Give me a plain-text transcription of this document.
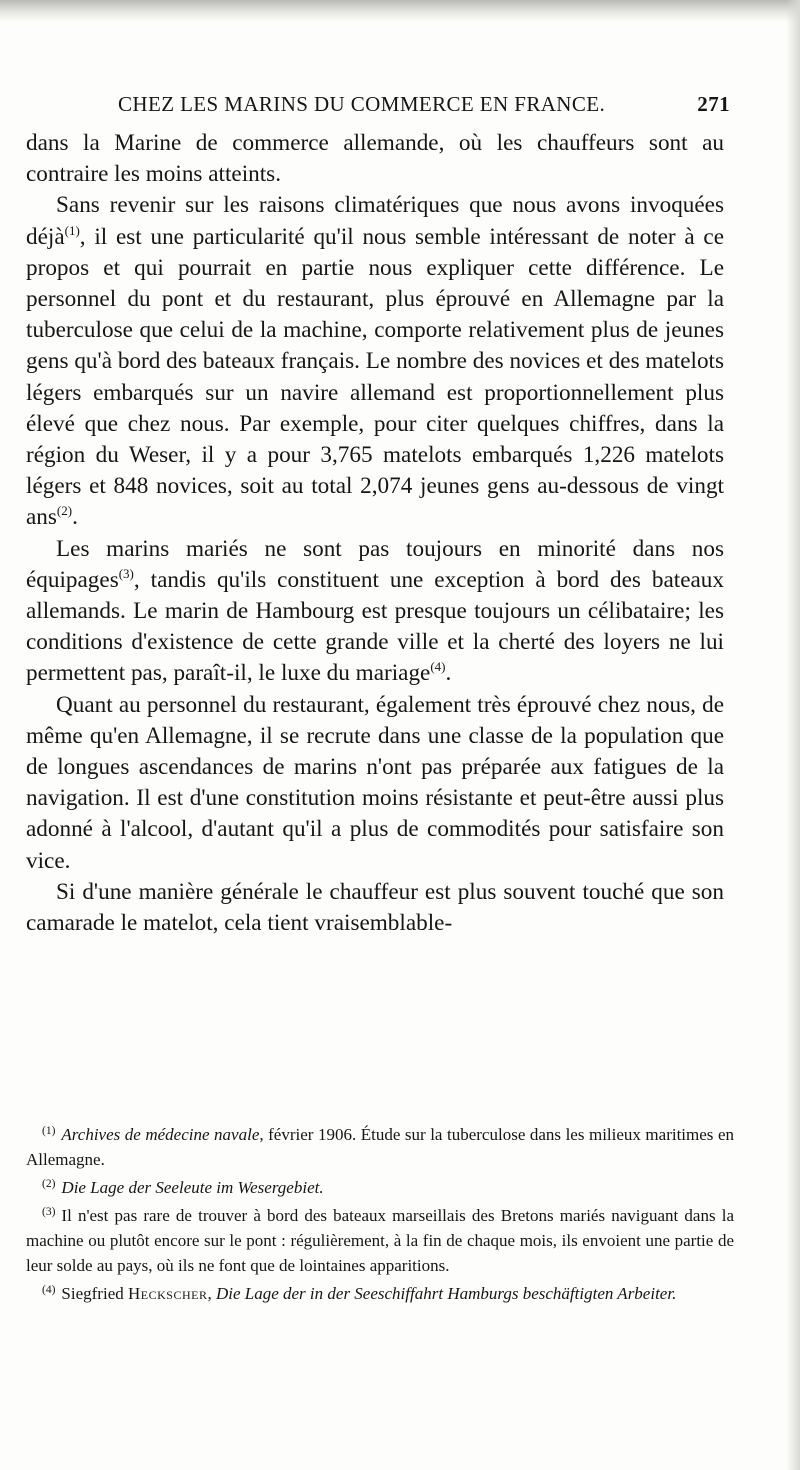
CHEZ LES MARINS DU COMMERCE EN FRANCE.	271

dans la Marine de commerce allemande, où les chauffeurs sont au contraire les moins atteints.

Sans revenir sur les raisons climatériques que nous avons invoquées déjà$^{(1)}$, il est une particularité qu'il nous semble intéressant de noter à ce propos et qui pourrait en partie nous expliquer cette différence. Le personnel du pont et du restaurant, plus éprouvé en Allemagne par la tuberculose que celui de la machine, comporte relativement plus de jeunes gens qu'à bord des bateaux français. Le nombre des novices et des matelots légers embarqués sur un navire allemand est proportionnellement plus élevé que chez nous. Par exemple, pour citer quelques chiffres, dans la région du Weser, il y a pour 3,765 matelots embarqués 1,226 matelots légers et 848 novices, soit au total 2,074 jeunes gens au-dessous de vingt ans$^{(2)}$.

Les marins mariés ne sont pas toujours en minorité dans nos équipages$^{(3)}$, tandis qu'ils constituent une exception à bord des bateaux allemands. Le marin de Hambourg est presque toujours un célibataire; les conditions d'existence de cette grande ville et la cherté des loyers ne lui permettent pas, paraît-il, le luxe du mariage$^{(4)}$.

Quant au personnel du restaurant, également très éprouvé chez nous, de même qu'en Allemagne, il se recrute dans une classe de la population que de longues ascendances de marins n'ont pas préparée aux fatigues de la navigation. Il est d'une constitution moins résistante et peut-être aussi plus adonné à l'alcool, d'autant qu'il a plus de commodités pour satisfaire son vice.

Si d'une manière générale le chauffeur est plus souvent touché que son camarade le matelot, cela tient vraisemblable-

$^{(1)}$ Archives de médecine navale, février 1906. Étude sur la tuberculose dans les milieux maritimes en Allemagne.

$^{(2)}$ Die Lage der Seeleute im Wesergebiet.

$^{(3)}$ Il n'est pas rare de trouver à bord des bateaux marseillais des Bretons mariés naviguant dans la machine ou plutôt encore sur le pont : régulièrement, à la fin de chaque mois, ils envoient une partie de leur solde au pays, où ils ne font que de lointaines apparitions.

$^{(4)}$ Siegfried Heckscher, Die Lage der in der Seeschiffahrt Hamburgs beschäftigten Arbeiter.
